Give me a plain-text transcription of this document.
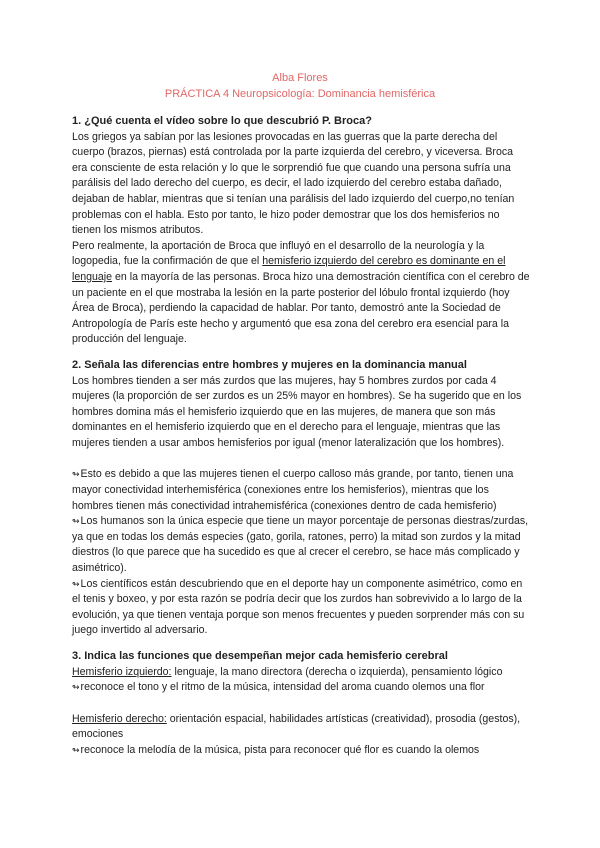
Alba Flores
PRÁCTICA 4 Neuropsicología: Dominancia hemisférica

1. ¿Qué cuenta el vídeo sobre lo que descubrió P. Broca?

Los griegos ya sabían por las lesiones provocadas en las guerras que la parte derecha del cuerpo (brazos, piernas) está controlada por la parte izquierda del cerebro, y viceversa. Broca era consciente de esta relación y lo que le sorprendió fue que cuando una persona sufría una parálisis del lado derecho del cuerpo, es decir, el lado izquierdo del cerebro estaba dañado, dejaban de hablar, mientras que si tenían una parálisis del lado izquierdo del cuerpo,no tenían problemas con el habla. Esto por tanto, le hizo poder demostrar que los dos hemisferios no tienen los mismos atributos.

Pero realmente, la aportación de Broca que influyó en el desarrollo de la neurología y la logopedia, fue la confirmación de que el hemisferio izquierdo del cerebro es dominante en el lenguaje en la mayoría de las personas. Broca hizo una demostración científica con el cerebro de un paciente en el que mostraba la lesión en la parte posterior del lóbulo frontal izquierdo (hoy Área de Broca), perdiendo la capacidad de hablar. Por tanto, demostró ante la Sociedad de Antropología de París este hecho y argumentó que esa zona del cerebro era esencial para la producción del lenguaje.

2. Señala las diferencias entre hombres y mujeres en la dominancia manual

Los hombres tienden a ser más zurdos que las mujeres, hay 5 hombres zurdos por cada 4 mujeres (la proporción de ser zurdos es un 25% mayor en hombres). Se ha sugerido que en los hombres domina más el hemisferio izquierdo que en las mujeres, de manera que son más dominantes en el hemisferio izquierdo que en el derecho para el lenguaje, mientras que las mujeres tienden a usar ambos hemisferios por igual (menor lateralización que los hombres).

↬Esto es debido a que las mujeres tienen el cuerpo calloso más grande, por tanto, tienen una mayor conectividad interhemisférica (conexiones entre los hemisferios), mientras que los hombres tienen más conectividad intrahemisférica (conexiones dentro de cada hemisferio)

↬Los humanos son la única especie que tiene un mayor porcentaje de personas diestras/zurdas, ya que en todas los demás especies (gato, gorila, ratones, perro) la mitad son zurdos y la mitad diestros (lo que parece que ha sucedido es que al crecer el cerebro, se hace más complicado y asimétrico).

↬Los científicos están descubriendo que en el deporte hay un componente asimétrico, como en el tenis y boxeo, y por esta razón se podría decir que los zurdos han sobrevivido a lo largo de la evolución, ya que tienen ventaja porque son menos frecuentes y pueden sorprender más con su juego invertido al adversario.

3. Indica las funciones que desempeñan mejor cada hemisferio cerebral

Hemisferio izquierdo: lenguaje, la mano directora (derecha o izquierda), pensamiento lógico

↬reconoce el tono y el ritmo de la música, intensidad del aroma cuando olemos una flor

Hemisferio derecho: orientación espacial, habilidades artísticas (creatividad), prosodia (gestos), emociones

↬reconoce la melodía de la música, pista para reconocer qué flor es cuando la olemos
